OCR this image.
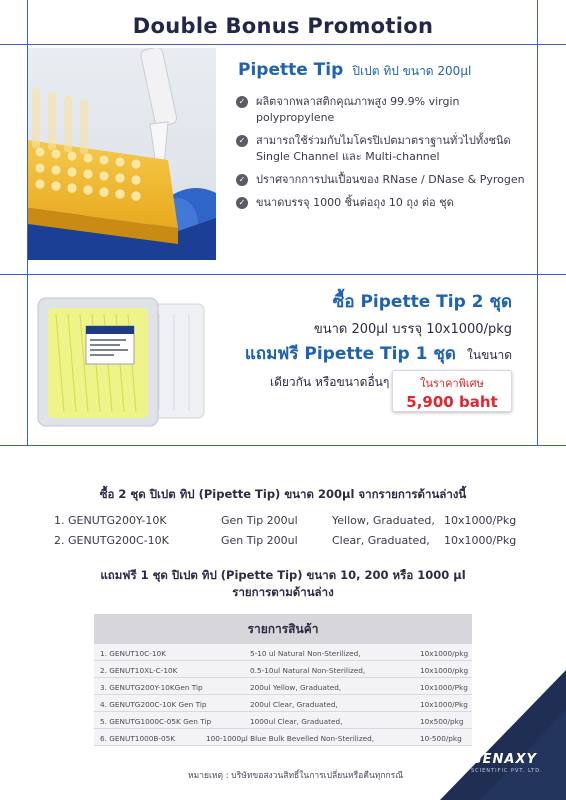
Double Bonus Promotion
Pipette Tip ปิเปต ทิป ขนาด 200µl
✓ ผลิตจากพลาสติกคุณภาพสูง 99.9% virgin polypropylene
✓ สามารถใช้ร่วมกับไมโครปิเปตมาตราฐานทั่วไปทั้งชนิด Single Channel และ Multi-channel
✓ ปราศจากการปนเปื้อนของ RNase / DNase & Pyrogen
✓ ขนาดบรรจุ 1000 ชิ้นต่อถุง 10 ถุง ต่อ ชุด
ซื้อ Pipette Tip 2 ชุด
ขนาด 200µl บรรจุ 10x1000/pkg
แถมฟรี Pipette Tip 1 ชุด ในขนาด
เดียวกัน หรือขนาดอื่นๆ	ในราคาพิเศษ
5,900 baht
ซื้อ 2 ชุด ปิเปต ทิป (Pipette Tip) ขนาด 200µl จากรายการด้านล่างนี้
1. GENUTG200Y-10K	Gen Tip 200ul	Yellow, Graduated, 10x1000/Pkg
2. GENUTG200C-10K	Gen Tip 200ul	Clear, Graduated, 10x1000/Pkg
แถมฟรี 1 ชุด ปิเปต ทิป (Pipette Tip) ขนาด 10, 200 หรือ 1000 µl
รายการตามด้านล่าง
รายการสินค้า
1. GENUT10C-10K	5-10 ul Natural Non-Sterilized,	10x1000/pkg
2. GENUT10XL-C-10K	0.5-10ul Natural Non-Sterilized,	10x1000/pkg
3. GENUTG200Y-10KGen Tip	200ul Yellow, Graduated,	10x1000/Pkg
4. GENUTG200C-10K Gen Tip	200ul Clear, Graduated,	10x1000/Pkg
5. GENUTG1000C-05K Gen Tip	1000ul Clear, Graduated,	10x500/pkg
6. GENUT1000B-05K	100-1000µl Blue Bulk Bevelled Non-Sterilized,	10-500/pkg
หมายเหตุ : บริษัทขอสงวนสิทธิ์ในการเปลี่ยนหรือคืนทุกกรณี
GENAXY
SCIENTIFIC PVT. LTD.
